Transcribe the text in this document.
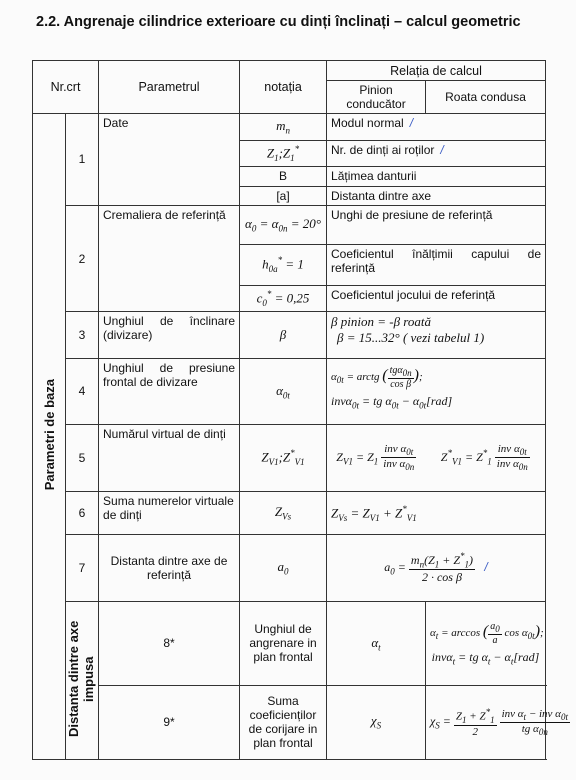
2.2. Angrenaje cilindrice exterioare cu dinți înclinați – calcul geometric
Nr.crt		Parametrul	notația	Relația de calcul	
				Pinion conducător	Roata condusa
Parametri de baza	1	Date	$m_n$	Modul normal /	
			$Z_1;Z_1^*$	Nr. de dinți ai roților /	
			B	Lățimea danturii	
			[a]	Distanta dintre axe	
	2	Cremaliera de referință	$\alpha_0 = \alpha_{0n} = 20^\circ$	Unghi de presiune de referință	
			$h_{0a}^* = 1$	Coeficientul înălțimii capului de referință	
			$c_0^* = 0,25$	Coeficientul jocului de referință	
	3	Unghiul de înclinare (divizare)	β	β pinion = -β roată
β = 15...32° ( vezi tabelul 1)	

	4	Unghiul de presiune frontal de divizare	$\alpha_{0t}$	$\alpha_{0t}$ = arctg ( $\frac{\text{tgα0n}}{\text{cos β}}$ );
invα$_{0t}$ = tg $\alpha_{0t} - \alpha_{0t}[rad]$	

	5	Numărul virtual de dinți	$Z_{V1};Z^*_{V1}$	$Z_{V1} = Z_1 \frac{inv \alpha_{0t}}{inv \alpha_{0n}}$	$Z^*_{V1} = Z^*_1 \frac{inv \alpha_{0t}}{inv \alpha_{0n}}$

	6	Suma numerelor virtuale de dinți	$Z_{Vs}$	$Z_{Vs} = Z_{V1} + Z^*_{V1}$
	7	Distanta dintre axe de referință	$a_0$	$a_0 = \frac{m_n(Z_1 + Z^*_1)}{\text{2 · cos β}}$ /	
	Distanta dintre axe impusa	8*	Unghiul de angrenare in plan frontal	$\alpha_t$	$\alpha_t = \arccos$ ( $\frac{a0}{a}$ $\cos \alpha_{0t}$);
invα$_t$ = tg $\alpha_t - \alpha_t[rad]$

		9*	Suma coeficienților de corijare in plan frontal	$\chi_S$	$\chi_S = \frac{Z_1 + Z^*_1}{2}$
$\frac{inv \alpha_t - inv \alpha_{0t}}{tg \alpha_{0n}}$
